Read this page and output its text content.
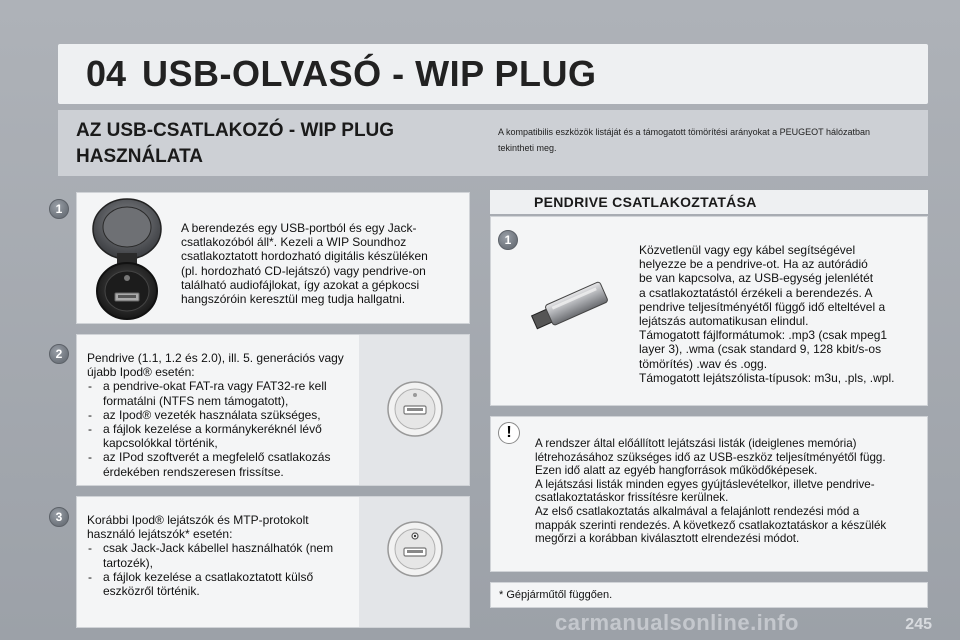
04 USB-OLVASÓ - WIP PLUG
AZ USB-CSATLAKOZÓ - WIP PLUG
HASZNÁLATA
A kompatibilis eszközök listáját és a támogatott tömörítési arányokat a PEUGEOT hálózatban tekintheti meg.
A berendezés egy USB-portból és egy Jack-
csatlakozóból áll*. Kezeli a WIP Soundhoz
csatlakoztatott hordozható digitális készüléken
(pl. hordozható CD-lejátszó) vagy pendrive-on
található audiofájlokat, így azokat a gépkocsi
hangszóróin keresztül meg tudja hallgatni.
1
Pendrive (1.1, 1.2 és 2.0), ill. 5. generációs vagy
újabb Ipod® esetén:
- a pendrive-okat FAT-ra vagy FAT32-re kell
formatálni (NTFS nem támogatott),
- az Ipod® vezeték használata szükséges,
- a fájlok kezelése a kormánykeréknél lévő
kapcsolókkal történik,
- az IPod szoftverét a megfelelő csatlakozás
érdekében rendszeresen frissítse.
2
Korábbi Ipod® lejátszók és MTP-protokolt
használó lejátszók* esetén:
- csak Jack-Jack kábellel használhatók (nem
tartozék),
- a fájlok kezelése a csatlakoztatott külső
eszközről történik.
3
PENDRIVE CSATLAKOZTATÁSA
Közvetlenül vagy egy kábel segítségével
helyezze be a pendrive-ot. Ha az autórádió
be van kapcsolva, az USB-egység jelenlétét
a csatlakoztatástól érzékeli a berendezés. A
pendrive teljesítményétől függő idő elteltével a
lejátszás automatikusan elindul.
Támogatott fájlformátumok: .mp3 (csak mpeg1
layer 3), .wma (csak standard 9, 128 kbit/s-os
tömörítés) .wav és .ogg.
Támogatott lejátszólista-típusok: m3u, .pls, .wpl.
1
A rendszer által előállított lejátszási listák (ideiglenes memória)
létrehozásához szükséges idő az USB-eszköz teljesítményétől függ.
Ezen idő alatt az egyéb hangforrások működőképesek.
A lejátszási listák minden egyes gyújtáslevételkor, illetve pendrive-
csatlakoztatáskor frissítésre kerülnek.
Az első csatlakoztatás alkalmával a felajánlott rendezési mód a
mappák szerinti rendezés. A következő csatlakoztatáskor a készülék
megőrzi a korábban kiválasztott elrendezési módot.
!
* Gépjárműtől függően.
carmanualsonline.info	245
